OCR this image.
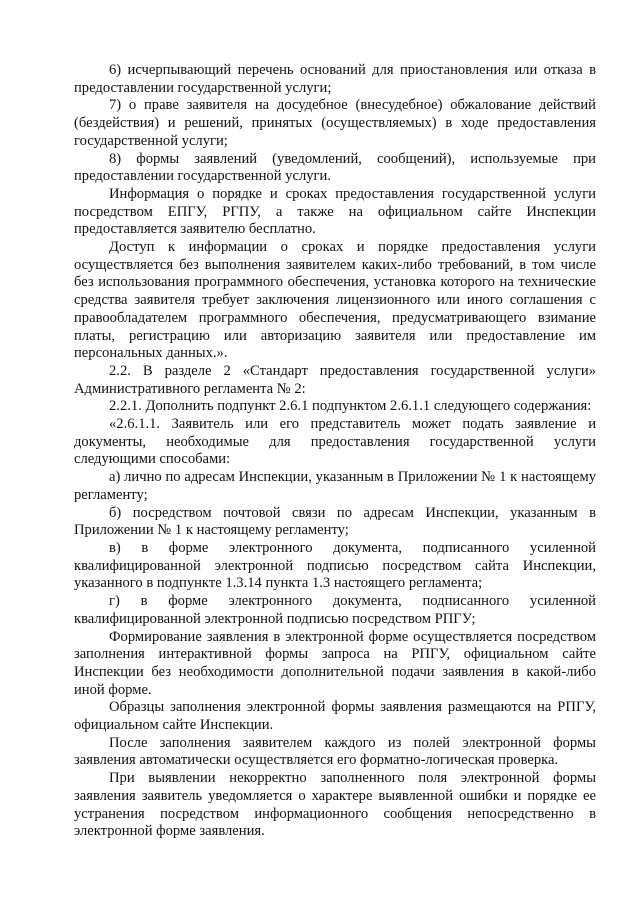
6) исчерпывающий перечень оснований для приостановления или отказа в предоставлении государственной услуги;

7) о праве заявителя на досудебное (внесудебное) обжалование действий (бездействия) и решений, принятых (осуществляемых) в ходе предоставления государственной услуги;

8) формы заявлений (уведомлений, сообщений), используемые при предоставлении государственной услуги.

Информация о порядке и сроках предоставления государственной услуги посредством ЕПГУ, РГПУ, а также на официальном сайте Инспекции предоставляется заявителю бесплатно.

Доступ к информации о сроках и порядке предоставления услуги осуществляется без выполнения заявителем каких-либо требований, в том числе без использования программного обеспечения, установка которого на технические средства заявителя требует заключения лицензионного или иного соглашения с правообладателем программного обеспечения, предусматривающего взимание платы, регистрацию или авторизацию заявителя или предоставление им персональных данных.».

2.2. В разделе 2 «Стандарт предоставления государственной услуги» Административного регламента № 2:

2.2.1. Дополнить подпункт 2.6.1 подпунктом 2.6.1.1 следующего содержания:

«2.6.1.1. Заявитель или его представитель может подать заявление и документы, необходимые для предоставления государственной услуги следующими способами:

а) лично по адресам Инспекции, указанным в Приложении № 1 к настоящему регламенту;

б) посредством почтовой связи по адресам Инспекции, указанным в Приложении № 1 к настоящему регламенту;

в) в форме электронного документа, подписанного усиленной квалифицированной электронной подписью посредством сайта Инспекции, указанного в подпункте 1.3.14 пункта 1.3 настоящего регламента;

г) в форме электронного документа, подписанного усиленной квалифицированной электронной подписью посредством РПГУ;

Формирование заявления в электронной форме осуществляется посредством заполнения интерактивной формы запроса на РПГУ, официальном сайте Инспекции без необходимости дополнительной подачи заявления в какой-либо иной форме.

Образцы заполнения электронной формы заявления размещаются на РПГУ, официальном сайте Инспекции.

После заполнения заявителем каждого из полей электронной формы заявления автоматически осуществляется его форматно-логическая проверка.

При выявлении некорректно заполненного поля электронной формы заявления заявитель уведомляется о характере выявленной ошибки и порядке ее устранения посредством информационного сообщения непосредственно в электронной форме заявления.
